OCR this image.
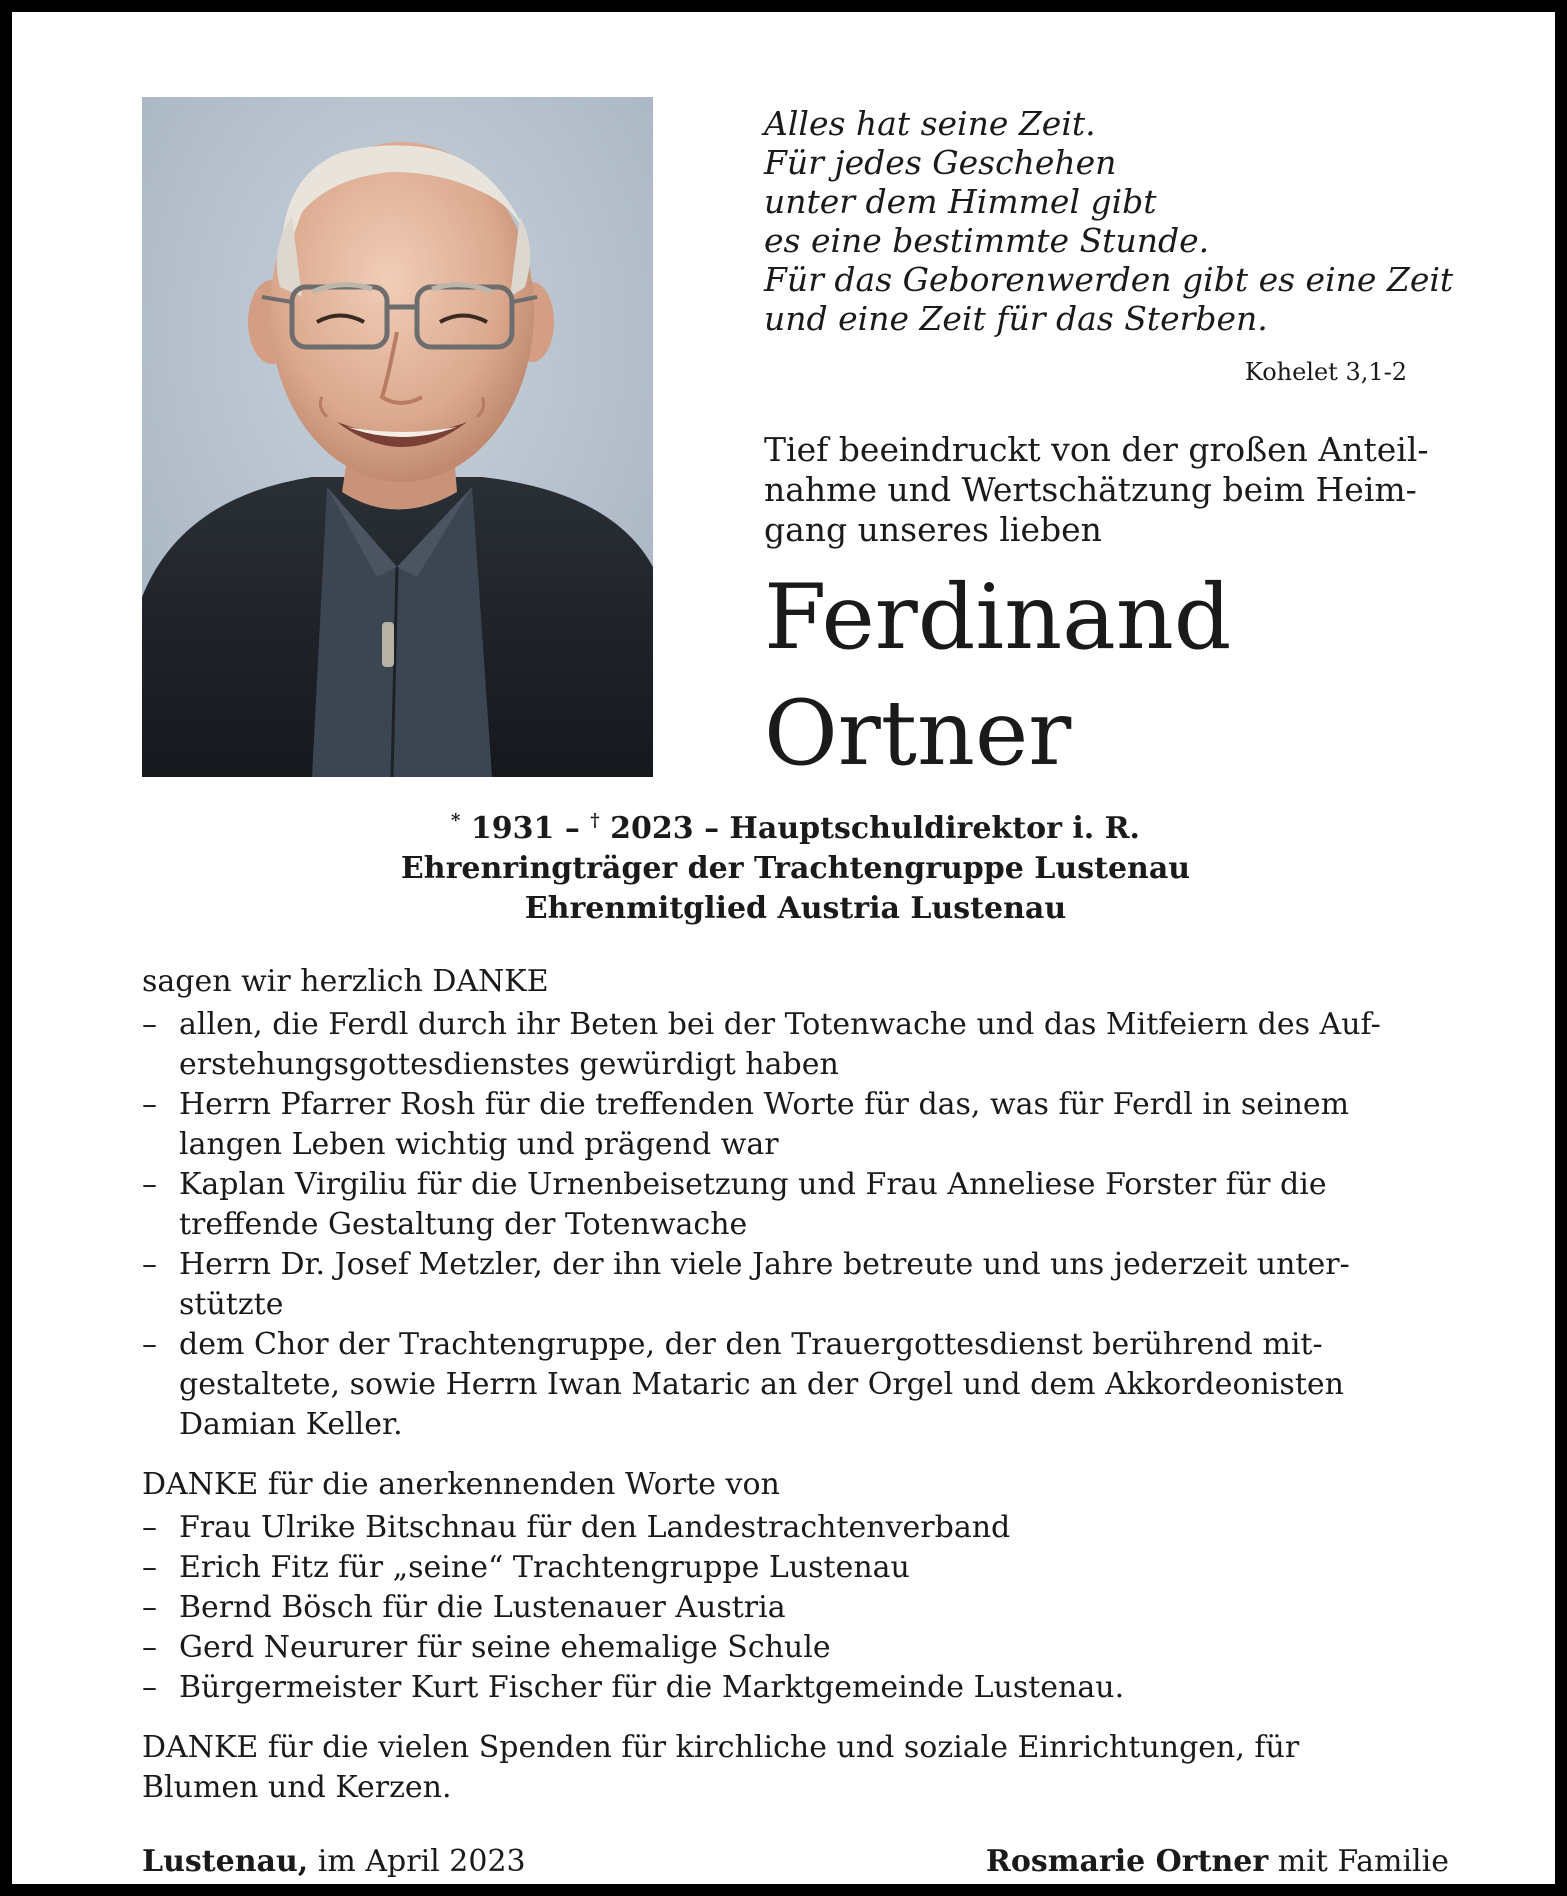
Alles hat seine Zeit.
Für jedes Geschehen
unter dem Himmel gibt
es eine bestimmte Stunde.
Für das Geborenwerden gibt es eine Zeit
und eine Zeit für das Sterben.
Kohelet 3,1-2
Tief beeindruckt von der großen Anteil-
nahme und Wertschätzung beim Heim-
gang unseres lieben
Ferdinand
Ortner
* 1931 – † 2023 – Hauptschuldirektor i. R.
Ehrenringträger der Trachtengruppe Lustenau
Ehrenmitglied Austria Lustenau
sagen wir herzlich DANKE
– allen, die Ferdl durch ihr Beten bei der Totenwache und das Mitfeiern des Auf-
erstehungsgottesdienstes gewürdigt haben
– Herrn Pfarrer Rosh für die treffenden Worte für das, was für Ferdl in seinem
langen Leben wichtig und prägend war
– Kaplan Virgiliu für die Urnenbeisetzung und Frau Anneliese Forster für die
treffende Gestaltung der Totenwache
– Herrn Dr. Josef Metzler, der ihn viele Jahre betreute und uns jederzeit unter-
stützte
– dem Chor der Trachtengruppe, der den Trauergottesdienst berührend mit-
gestaltete, sowie Herrn Iwan Mataric an der Orgel und dem Akkordeonisten
Damian Keller.
DANKE für die anerkennenden Worte von
– Frau Ulrike Bitschnau für den Landestrachtenverband
– Erich Fitz für „seine“ Trachtengruppe Lustenau
– Bernd Bösch für die Lustenauer Austria
– Gerd Neururer für seine ehemalige Schule
– Bürgermeister Kurt Fischer für die Marktgemeinde Lustenau.
DANKE für die vielen Spenden für kirchliche und soziale Einrichtungen, für
Blumen und Kerzen.
Lustenau, im April 2023	Rosmarie Ortner mit Familie
